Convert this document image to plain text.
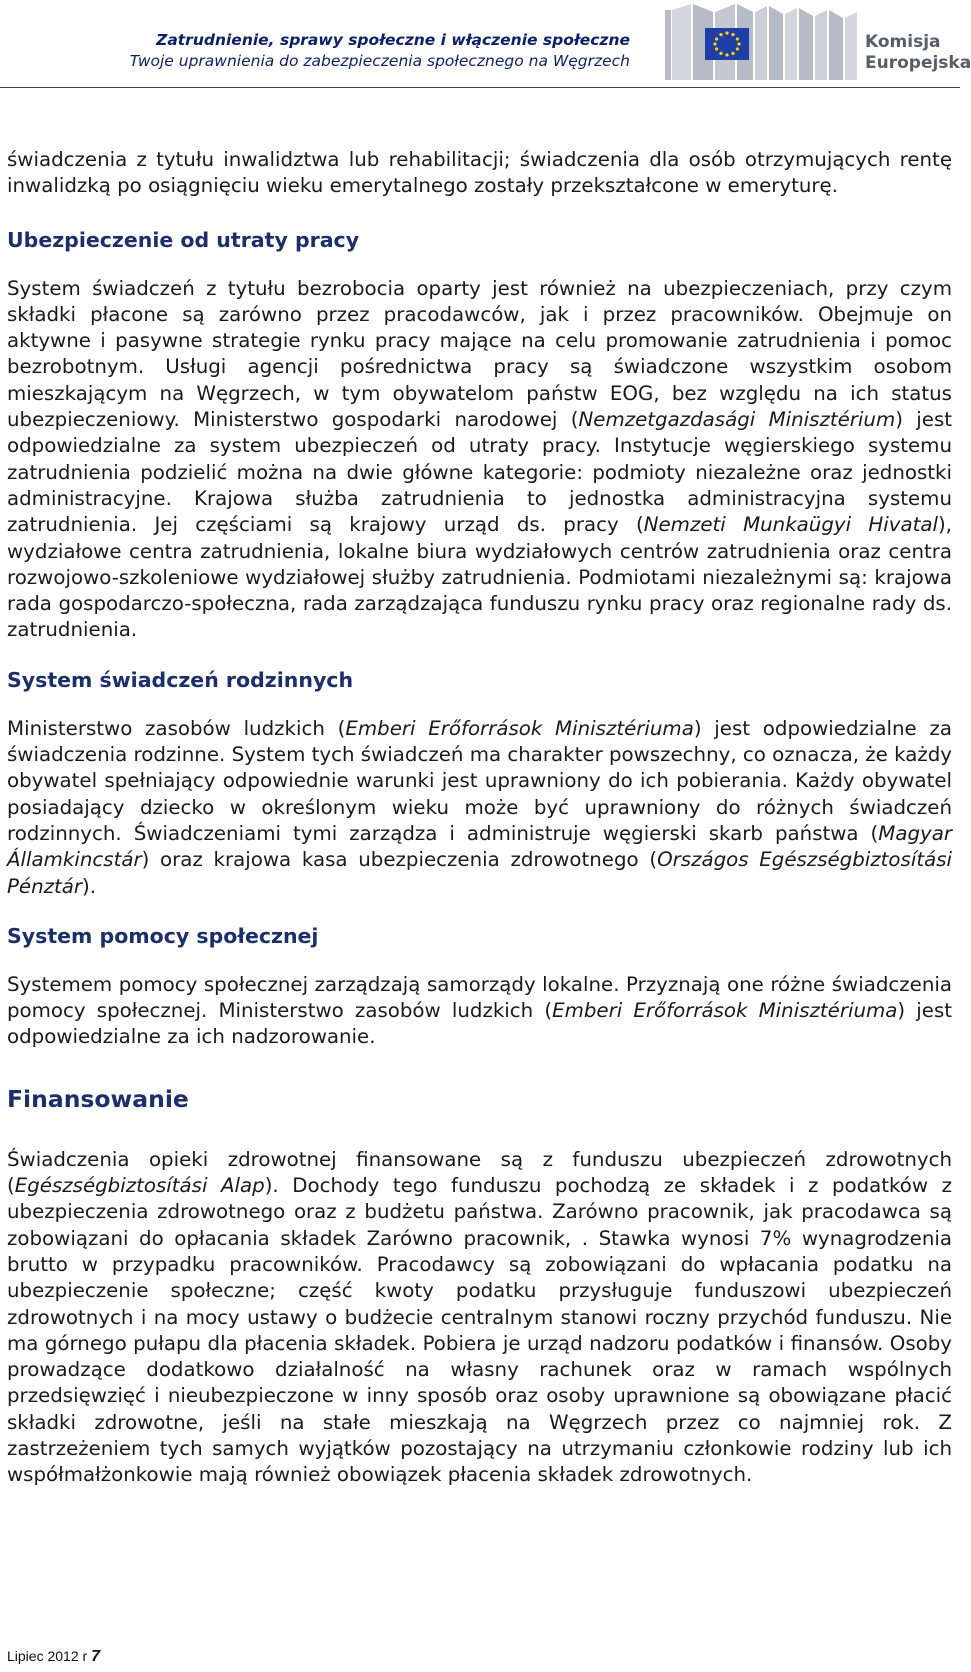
Zatrudnienie, sprawy społeczne i włączenie społeczne
Twoje uprawnienia do zabezpieczenia społecznego na Węgrzech
Komisja
Europejska

świadczenia z tytułu inwalidztwa lub rehabilitacji; świadczenia dla osób otrzymujących rentę inwalidzką po osiągnięciu wieku emerytalnego zostały przekształcone w emeryturę.

Ubezpieczenie od utraty pracy

System świadczeń z tytułu bezrobocia oparty jest również na ubezpieczeniach, przy czym składki płacone są zarówno przez pracodawców, jak i przez pracowników. Obejmuje on aktywne i pasywne strategie rynku pracy mające na celu promowanie zatrudnienia i pomoc bezrobotnym. Usługi agencji pośrednictwa pracy są świadczone wszystkim osobom mieszkającym na Węgrzech, w tym obywatelom państw EOG, bez względu na ich status ubezpieczeniowy. Ministerstwo gospodarki narodowej (Nemzetgazdasági Minisztérium) jest odpowiedzialne za system ubezpieczeń od utraty pracy. Instytucje węgierskiego systemu zatrudnienia podzielić można na dwie główne kategorie: podmioty niezależne oraz jednostki administracyjne. Krajowa służba zatrudnienia to jednostka administracyjna systemu zatrudnienia. Jej częściami są krajowy urząd ds. pracy (Nemzeti Munkaügyi Hivatal), wydziałowe centra zatrudnienia, lokalne biura wydziałowych centrów zatrudnienia oraz centra rozwojowo-szkoleniowe wydziałowej służby zatrudnienia. Podmiotami niezależnymi są: krajowa rada gospodarczo-społeczna, rada zarządzająca funduszu rynku pracy oraz regionalne rady ds. zatrudnienia.

System świadczeń rodzinnych

Ministerstwo zasobów ludzkich (Emberi Erőforrások Minisztériuma) jest odpowiedzialne za świadczenia rodzinne. System tych świadczeń ma charakter powszechny, co oznacza, że każdy obywatel spełniający odpowiednie warunki jest uprawniony do ich pobierania. Każdy obywatel posiadający dziecko w określonym wieku może być uprawniony do różnych świadczeń rodzinnych. Świadczeniami tymi zarządza i administruje węgierski skarb państwa (Magyar Államkincstár) oraz krajowa kasa ubezpieczenia zdrowotnego (Országos Egészségbiztosítási Pénztár).

System pomocy społecznej

Systemem pomocy społecznej zarządzają samorządy lokalne. Przyznają one różne świadczenia pomocy społecznej. Ministerstwo zasobów ludzkich (Emberi Erőforrások Minisztériuma) jest odpowiedzialne za ich nadzorowanie.

Finansowanie

Świadczenia opieki zdrowotnej finansowane są z funduszu ubezpieczeń zdrowotnych (Egészségbiztosítási Alap). Dochody tego funduszu pochodzą ze składek i z podatków z ubezpieczenia zdrowotnego oraz z budżetu państwa. Zarówno pracownik, jak pracodawca są zobowiązani do opłacania składek Zarówno pracownik, . Stawka wynosi 7% wynagrodzenia brutto w przypadku pracowników. Pracodawcy są zobowiązani do wpłacania podatku na ubezpieczenie społeczne; część kwoty podatku przysługuje funduszowi ubezpieczeń zdrowotnych i na mocy ustawy o budżecie centralnym stanowi roczny przychód funduszu. Nie ma górnego pułapu dla płacenia składek. Pobiera je urząd nadzoru podatków i finansów. Osoby prowadzące dodatkowo działalność na własny rachunek oraz w ramach wspólnych przedsięwzięć i nieubezpieczone w inny sposób oraz osoby uprawnione są obowiązane płacić składki zdrowotne, jeśli na stałe mieszkają na Węgrzech przez co najmniej rok. Z zastrzeżeniem tych samych wyjątków pozostający na utrzymaniu członkowie rodziny lub ich współmałżonkowie mają również obowiązek płacenia składek zdrowotnych.

Lipiec 2012 r 7
